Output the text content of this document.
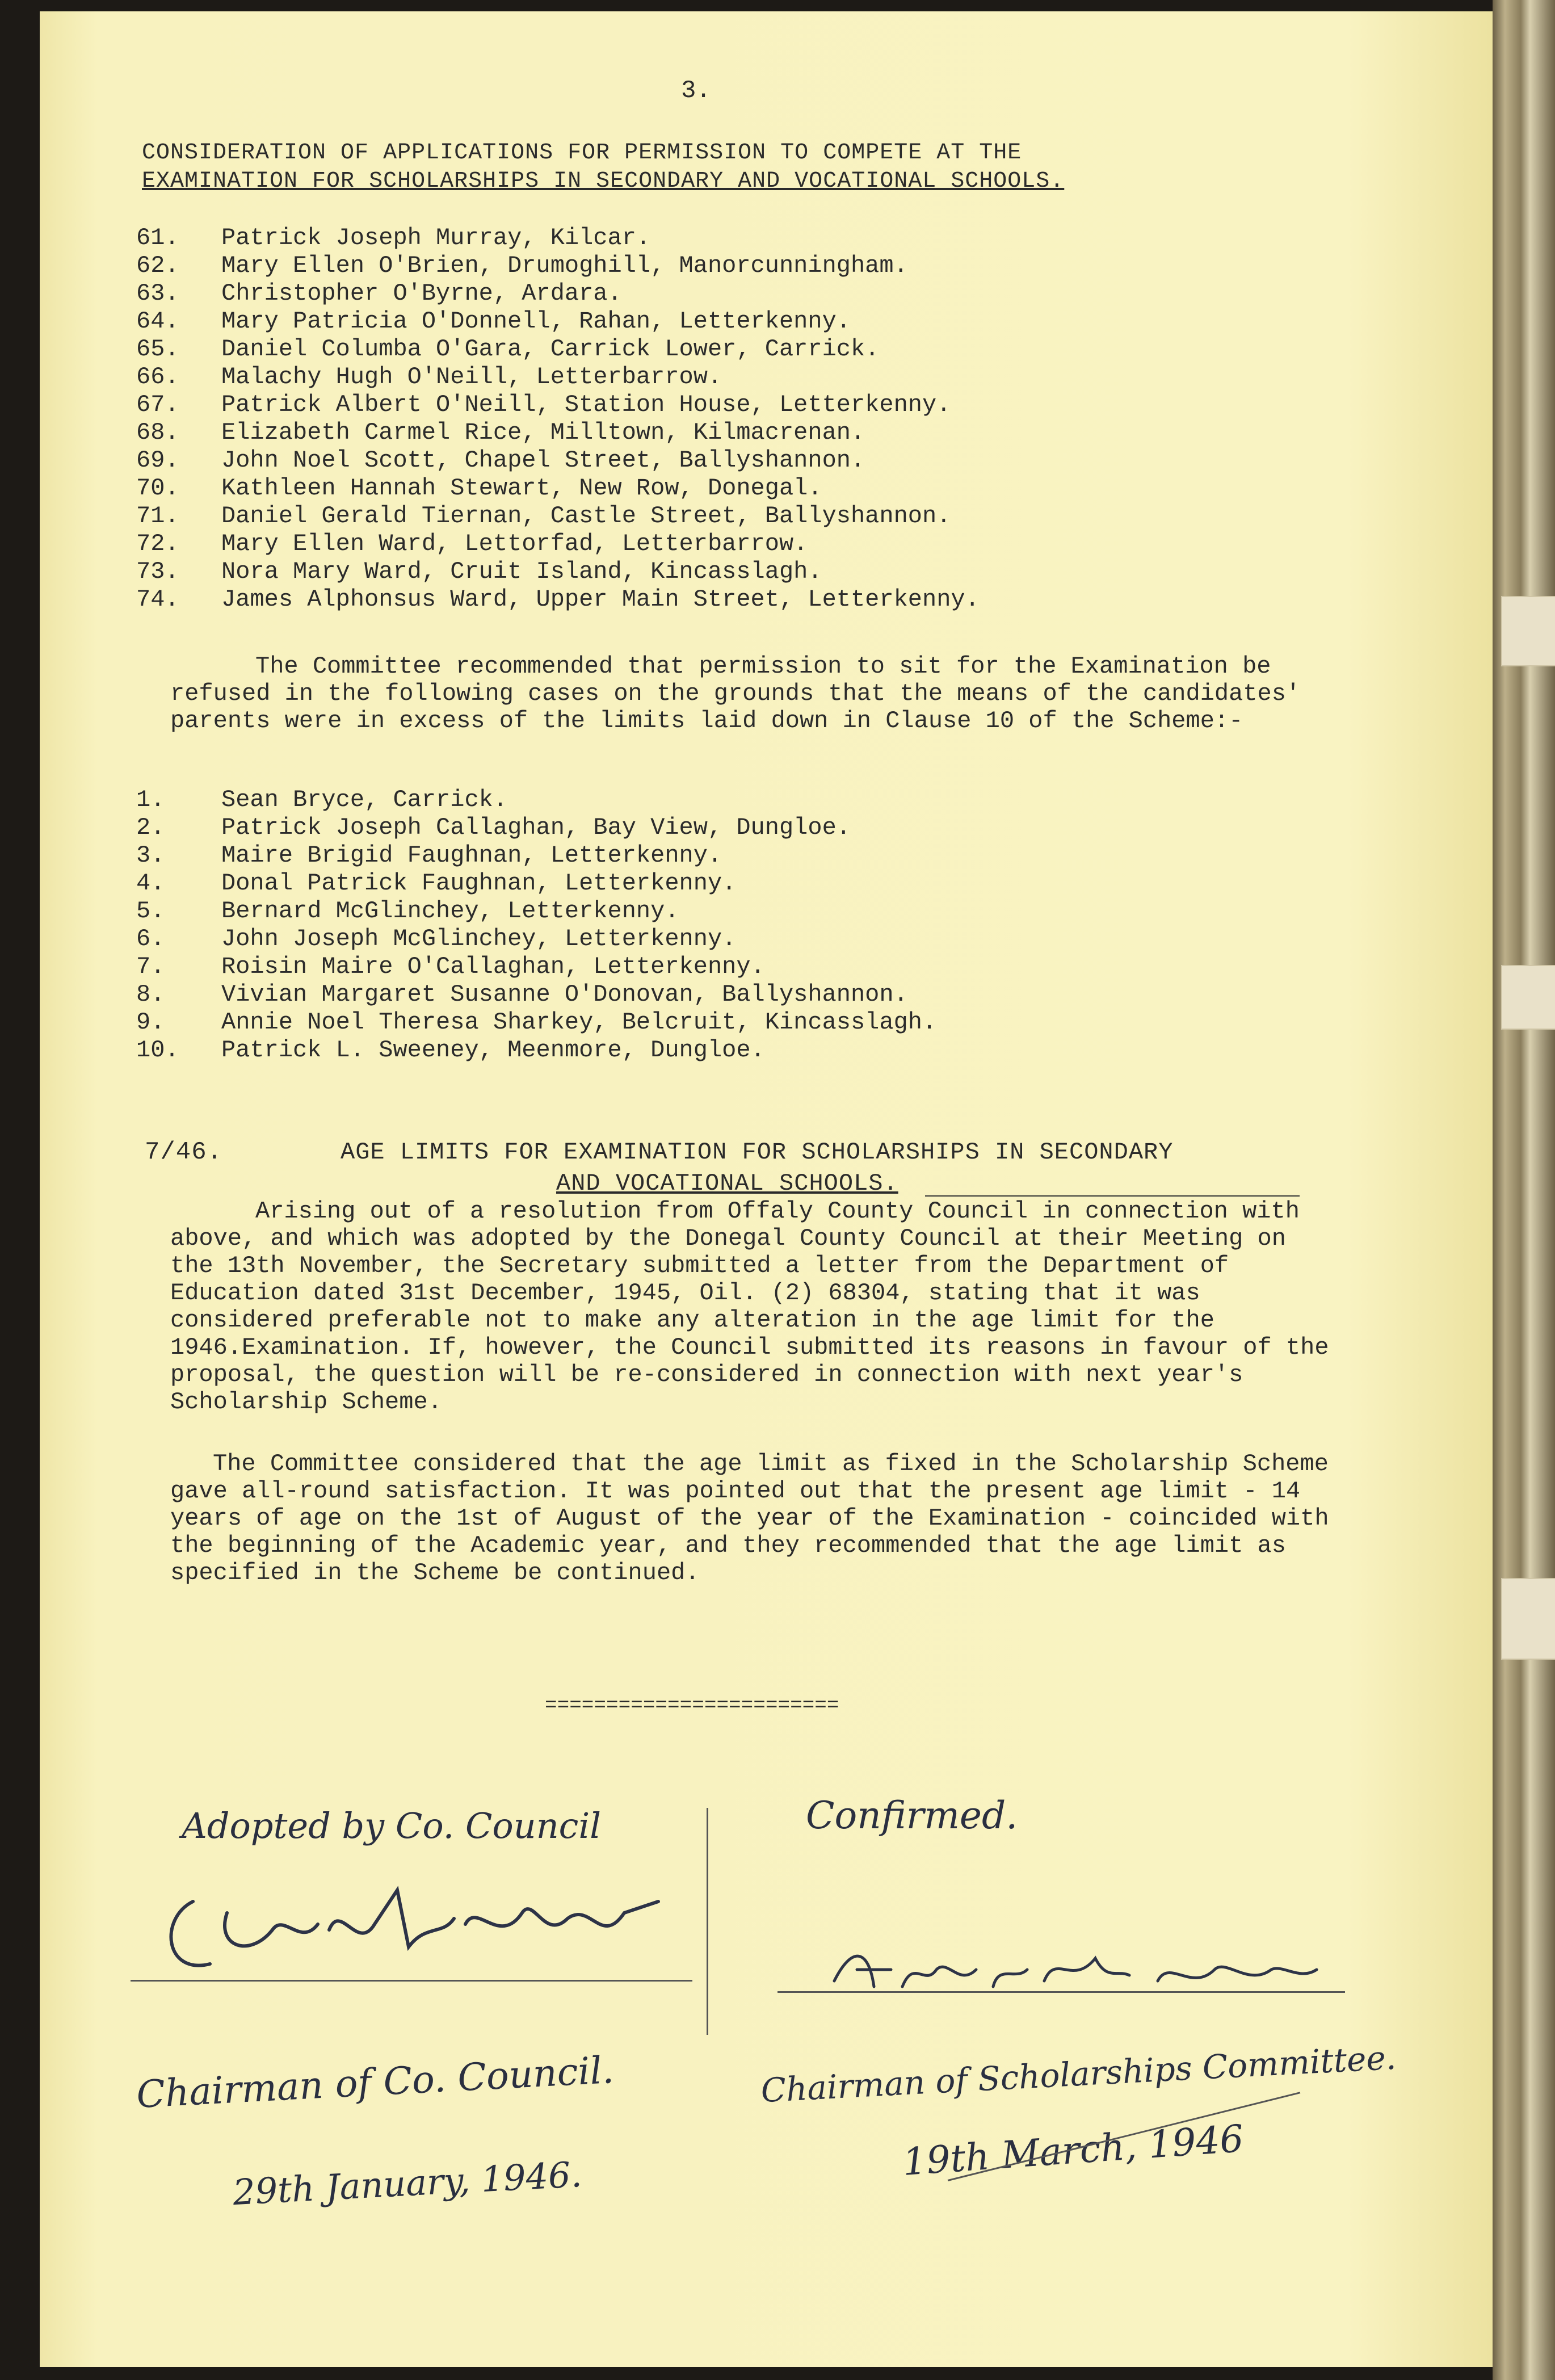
3.
CONSIDERATION OF APPLICATIONS FOR PERMISSION TO COMPETE AT THE
EXAMINATION FOR SCHOLARSHIPS IN SECONDARY AND VOCATIONAL SCHOOLS.
61.	Patrick Joseph Murray, Kilcar.
62.	Mary Ellen O'Brien, Drumoghill, Manorcunningham.
63.	Christopher O'Byrne, Ardara.
64.	Mary Patricia O'Donnell, Rahan, Letterkenny.
65.	Daniel Columba O'Gara, Carrick Lower, Carrick.
66.	Malachy Hugh O'Neill, Letterbarrow.
67.	Patrick Albert O'Neill, Station House, Letterkenny.
68.	Elizabeth Carmel Rice, Milltown, Kilmacrenan.
69.	John Noel Scott, Chapel Street, Ballyshannon.
70.	Kathleen Hannah Stewart, New Row, Donegal.
71.	Daniel Gerald Tiernan, Castle Street, Ballyshannon.
72.	Mary Ellen Ward, Lettorfad, Letterbarrow.
73.	Nora Mary Ward, Cruit Island, Kincasslagh.
74.	James Alphonsus Ward, Upper Main Street, Letterkenny.

The Committee recommended that permission to sit for the Examination be refused in the following cases on the grounds that the means of the candidates' parents were in excess of the limits laid down in Clause 10 of the Scheme:-

1.	Sean Bryce, Carrick.
2.	Patrick Joseph Callaghan, Bay View, Dungloe.
3.	Maire Brigid Faughnan, Letterkenny.
4.	Donal Patrick Faughnan, Letterkenny.
5.	Bernard McGlinchey, Letterkenny.
6.	John Joseph McGlinchey, Letterkenny.
7.	Roisin Maire O'Callaghan, Letterkenny.
8.	Vivian Margaret Susanne O'Donovan, Ballyshannon.
9.	Annie Noel Theresa Sharkey, Belcruit, Kincasslagh.
10.	Patrick L. Sweeney, Meenmore, Dungloe.
7/46.	AGE LIMITS FOR EXAMINATION FOR SCHOLARSHIPS IN SECONDARY
AND VOCATIONAL SCHOOLS.

Arising out of a resolution from Offaly County Council in connection with above, and which was adopted by the Donegal County Council at their Meeting on the 13th November, the Secretary submitted a letter from the Department of Education dated 31st December, 1945, Oil. (2) 68304, stating that it was considered preferable not to make any alteration in the age limit for the 1946.Examination. If, however, the Council submitted its reasons in favour of the proposal, the question will be re-considered in connection with next year's Scholarship Scheme.

The Committee considered that the age limit as fixed in the Scholarship Scheme gave all-round satisfaction. It was pointed out that the present age limit - 14 years of age on the 1st of August of the year of the Examination - coincided with the beginning of the Academic year, and they recommended that the age limit as specified in the Scheme be continued.

========================
Adopted by Co. Council	Confirmed.
Chairman of Co. Council.
29th January, 1946.
Chairman of Scholarships Committee.
19th March, 1946
